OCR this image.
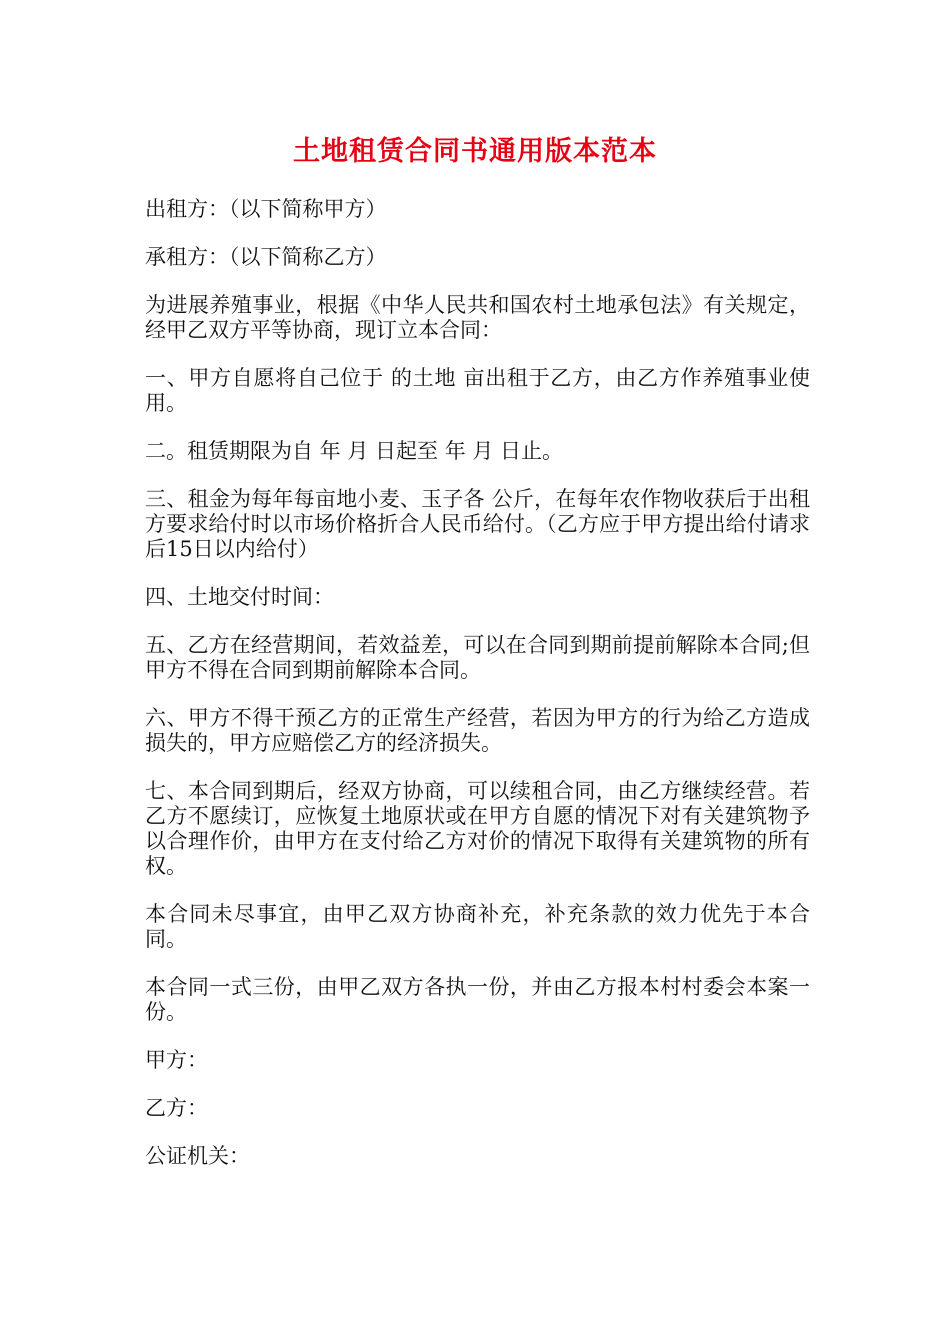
土地租赁合同书通用版本范本

出租方：（以下简称甲方）

承租方：（以下简称乙方）

为进展养殖事业，根据《中华人民共和国农村土地承包法》有关规定，经甲乙双方平等协商，现订立本合同：

一、甲方自愿将自己位于 的土地 亩出租于乙方，由乙方作养殖事业使用。

二。租赁期限为自 年 月 日起至 年 月 日止。

三、租金为每年每亩地小麦、玉子各 公斤，在每年农作物收获后于出租方要求给付时以市场价格折合人民币给付。（乙方应于甲方提出给付请求后15日以内给付）

四、土地交付时间：

五、乙方在经营期间，若效益差，可以在合同到期前提前解除本合同;但甲方不得在合同到期前解除本合同。

六、甲方不得干预乙方的正常生产经营，若因为甲方的行为给乙方造成损失的，甲方应赔偿乙方的经济损失。

七、本合同到期后，经双方协商，可以续租合同，由乙方继续经营。若乙方不愿续订，应恢复土地原状或在甲方自愿的情况下对有关建筑物予以合理作价，由甲方在支付给乙方对价的情况下取得有关建筑物的所有权。

本合同未尽事宜，由甲乙双方协商补充，补充条款的效力优先于本合同。

本合同一式三份，由甲乙双方各执一份，并由乙方报本村村委会本案一份。

甲方：

乙方：

公证机关：
